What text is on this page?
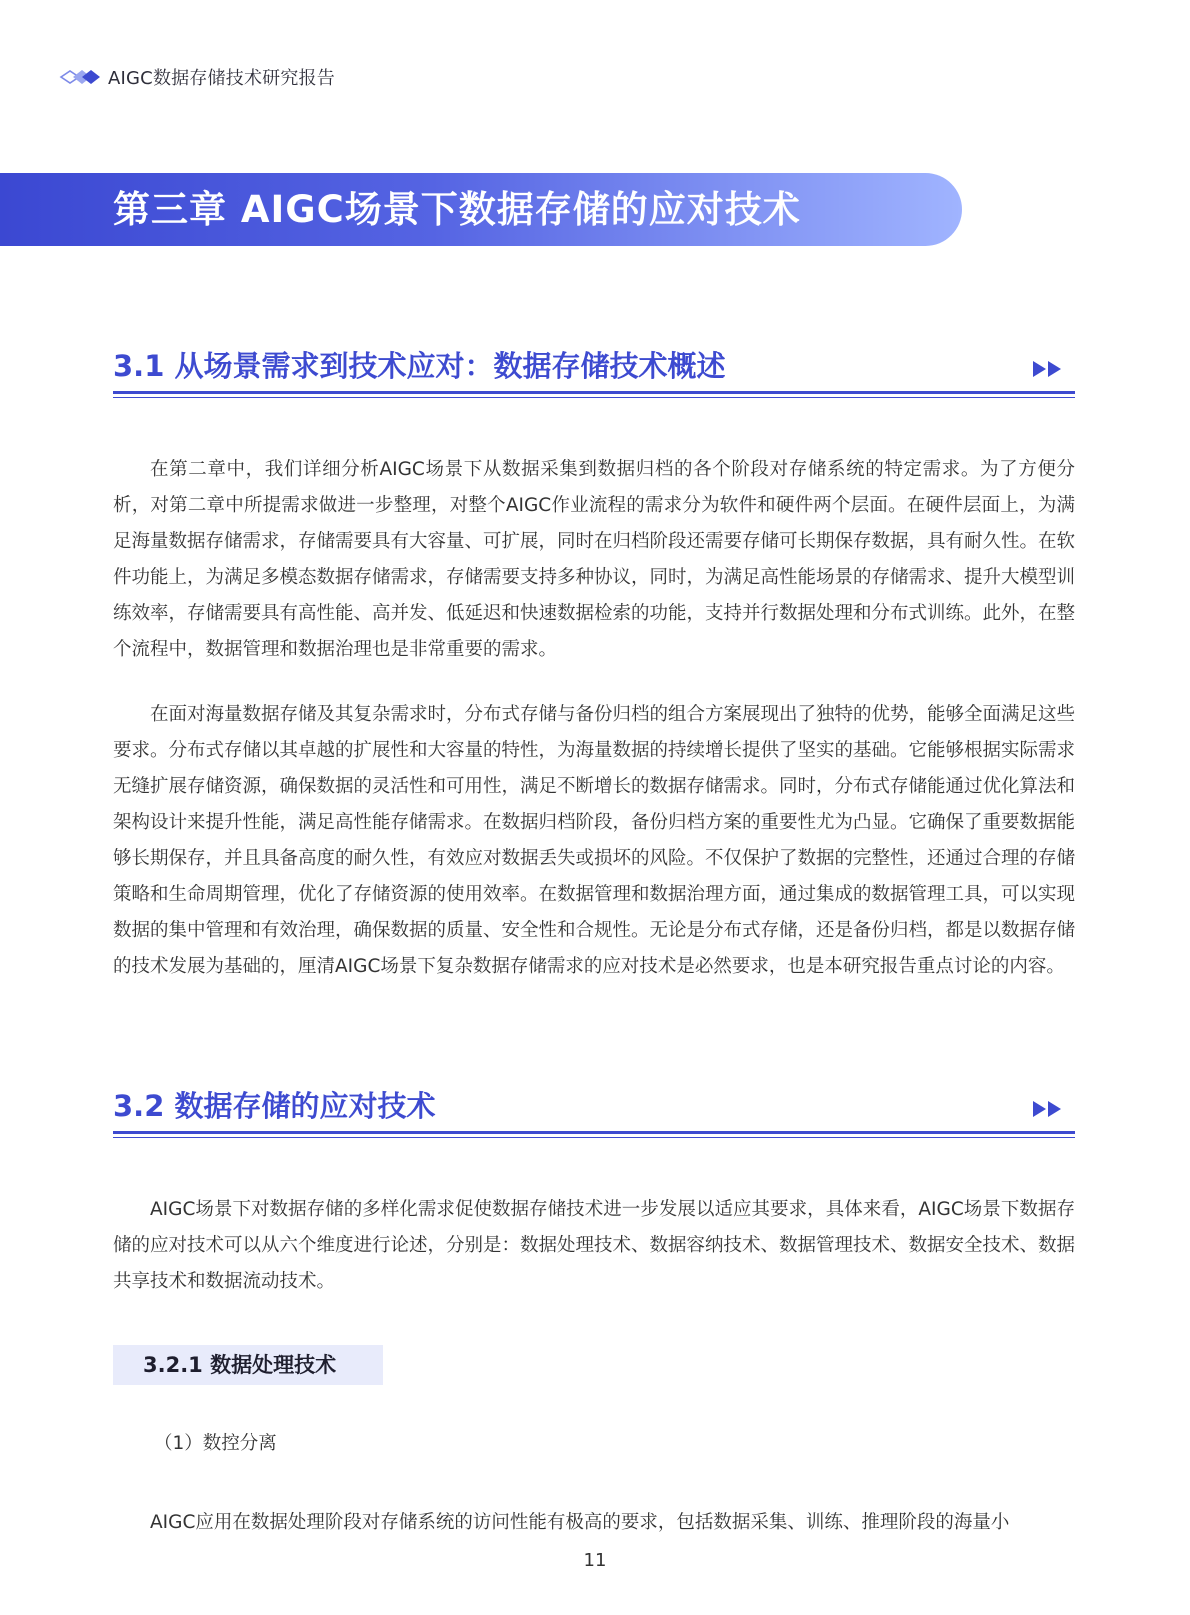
AIGC数据存储技术研究报告
第三章 AIGC场景下数据存储的应对技术
3.1 从场景需求到技术应对：数据存储技术概述

在第二章中，我们详细分析AIGC场景下从数据采集到数据归档的各个阶段对存储系统的特定需求。为了方便分析，对第二章中所提需求做进一步整理，对整个AIGC作业流程的需求分为软件和硬件两个层面。在硬件层面上，为满足海量数据存储需求，存储需要具有大容量、可扩展，同时在归档阶段还需要存储可长期保存数据，具有耐久性。在软件功能上，为满足多模态数据存储需求，存储需要支持多种协议，同时，为满足高性能场景的存储需求、提升大模型训练效率，存储需要具有高性能、高并发、低延迟和快速数据检索的功能，支持并行数据处理和分布式训练。此外，在整个流程中，数据管理和数据治理也是非常重要的需求。

在面对海量数据存储及其复杂需求时，分布式存储与备份归档的组合方案展现出了独特的优势，能够全面满足这些要求。分布式存储以其卓越的扩展性和大容量的特性，为海量数据的持续增长提供了坚实的基础。它能够根据实际需求无缝扩展存储资源，确保数据的灵活性和可用性，满足不断增长的数据存储需求。同时，分布式存储能通过优化算法和架构设计来提升性能，满足高性能存储需求。在数据归档阶段，备份归档方案的重要性尤为凸显。它确保了重要数据能够长期保存，并且具备高度的耐久性，有效应对数据丢失或损坏的风险。不仅保护了数据的完整性，还通过合理的存储策略和生命周期管理，优化了存储资源的使用效率。在数据管理和数据治理方面，通过集成的数据管理工具，可以实现数据的集中管理和有效治理，确保数据的质量、安全性和合规性。无论是分布式存储，还是备份归档，都是以数据存储的技术发展为基础的，厘清AIGC场景下复杂数据存储需求的应对技术是必然要求，也是本研究报告重点讨论的内容。

3.2 数据存储的应对技术

AIGC场景下对数据存储的多样化需求促使数据存储技术进一步发展以适应其要求，具体来看，AIGC场景下数据存储的应对技术可以从六个维度进行论述，分别是：数据处理技术、数据容纳技术、数据管理技术、数据安全技术、数据共享技术和数据流动技术。

3.2.1 数据处理技术
（1）数控分离

AIGC应用在数据处理阶段对存储系统的访问性能有极高的要求，包括数据采集、训练、推理阶段的海量小

11
